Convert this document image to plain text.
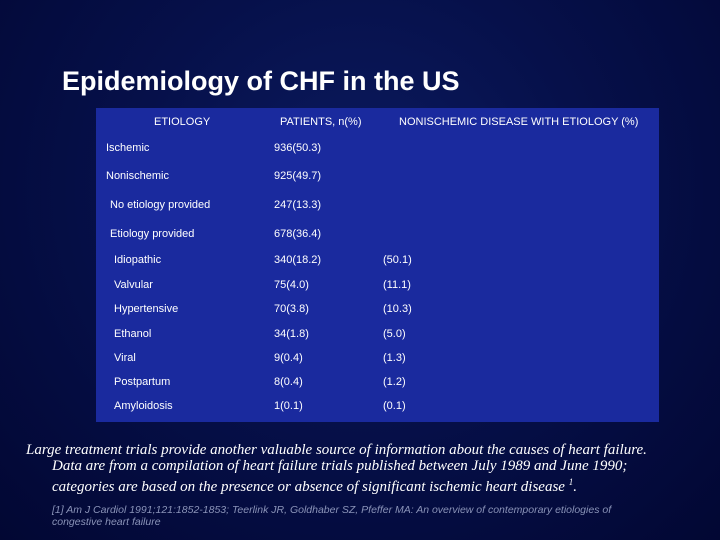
Epidemiology of CHF in the US
ETIOLOGY	PATIENTS, n(%)	NONISCHEMIC DISEASE WITH ETIOLOGY (%)
Ischemic	936(50.3)
Nonischemic	925(49.7)
No etiology provided	247(13.3)
Etiology provided	678(36.4)
Idiopathic	340(18.2)	(50.1)
Valvular	75(4.0)	(11.1)
Hypertensive	70(3.8)	(10.3)
Ethanol	34(1.8)	(5.0)
Viral	9(0.4)	(1.3)
Postpartum	8(0.4)	(1.2)
Amyloidosis	1(0.1)	(0.1)
Large treatment trials provide another valuable source of information about the causes of heart failure.
Data are from a compilation of heart failure trials published between July 1989 and June 1990;
categories are based on the presence or absence of significant ischemic heart disease $^1$.
[1] Am J Cardiol 1991;121:1852-1853; Teerlink JR, Goldhaber SZ, Pfeffer MA: An overview of contemporary etiologies of
congestive heart failure
